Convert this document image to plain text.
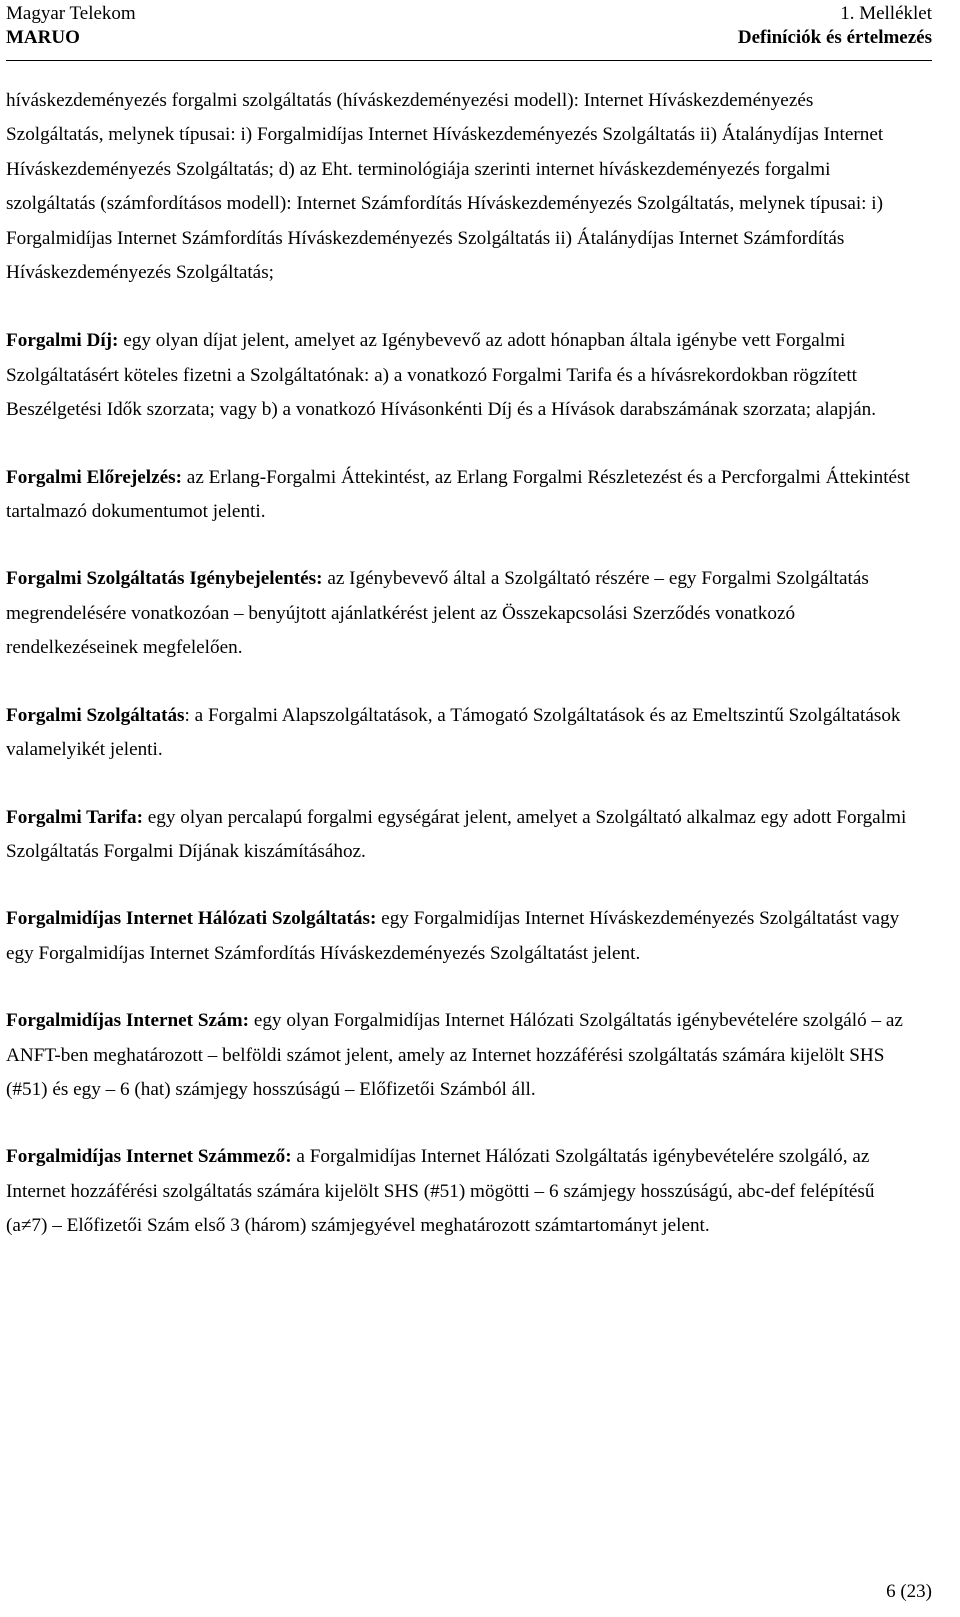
Magyar Telekom
MARUO
1. Melléklet
Definíciók és értelmezés

híváskezdeményezés forgalmi szolgáltatás (híváskezdeményezési modell): Internet Híváskezdeményezés Szolgáltatás, melynek típusai: i) Forgalmidíjas Internet Híváskezdeményezés Szolgáltatás ii) Átalánydíjas Internet Híváskezdeményezés Szolgáltatás; d) az Eht. terminológiája szerinti internet híváskezdeményezés forgalmi szolgáltatás (számfordításos modell): Internet Számfordítás Híváskezdeményezés Szolgáltatás, melynek típusai: i) Forgalmidíjas Internet Számfordítás Híváskezdeményezés Szolgáltatás ii) Átalánydíjas Internet Számfordítás Híváskezdeményezés Szolgáltatás;

Forgalmi Díj: egy olyan díjat jelent, amelyet az Igénybevevő az adott hónapban általa igénybe vett Forgalmi Szolgáltatásért köteles fizetni a Szolgáltatónak: a) a vonatkozó Forgalmi Tarifa és a hívásrekordokban rögzített Beszélgetési Idők szorzata; vagy b) a vonatkozó Hívásonkénti Díj és a Hívások darabszámának szorzata; alapján.

Forgalmi Előrejelzés: az Erlang-Forgalmi Áttekintést, az Erlang Forgalmi Részletezést és a Percforgalmi Áttekintést tartalmazó dokumentumot jelenti.

Forgalmi Szolgáltatás Igénybejelentés: az Igénybevevő által a Szolgáltató részére – egy Forgalmi Szolgáltatás megrendelésére vonatkozóan – benyújtott ajánlatkérést jelent az Összekapcsolási Szerződés vonatkozó rendelkezéseinek megfelelően.

Forgalmi Szolgáltatás: a Forgalmi Alapszolgáltatások, a Támogató Szolgáltatások és az Emeltszintű Szolgáltatások valamelyikét jelenti.

Forgalmi Tarifa: egy olyan percalapú forgalmi egységárat jelent, amelyet a Szolgáltató alkalmaz egy adott Forgalmi Szolgáltatás Forgalmi Díjának kiszámításához.

Forgalmidíjas Internet Hálózati Szolgáltatás: egy Forgalmidíjas Internet Híváskezdeményezés Szolgáltatást vagy egy Forgalmidíjas Internet Számfordítás Híváskezdeményezés Szolgáltatást jelent.

Forgalmidíjas Internet Szám: egy olyan Forgalmidíjas Internet Hálózati Szolgáltatás igénybevételére szolgáló – az ANFT-ben meghatározott – belföldi számot jelent, amely az Internet hozzáférési szolgáltatás számára kijelölt SHS (#51) és egy – 6 (hat) számjegy hosszúságú – Előfizetői Számból áll.

Forgalmidíjas Internet Számmező: a Forgalmidíjas Internet Hálózati Szolgáltatás igénybevételére szolgáló, az Internet hozzáférési szolgáltatás számára kijelölt SHS (#51) mögötti – 6 számjegy hosszúságú, abc-def felépítésű (a≠7) – Előfizetői Szám első 3 (három) számjegyével meghatározott számtartományt jelent.

6 (23)
